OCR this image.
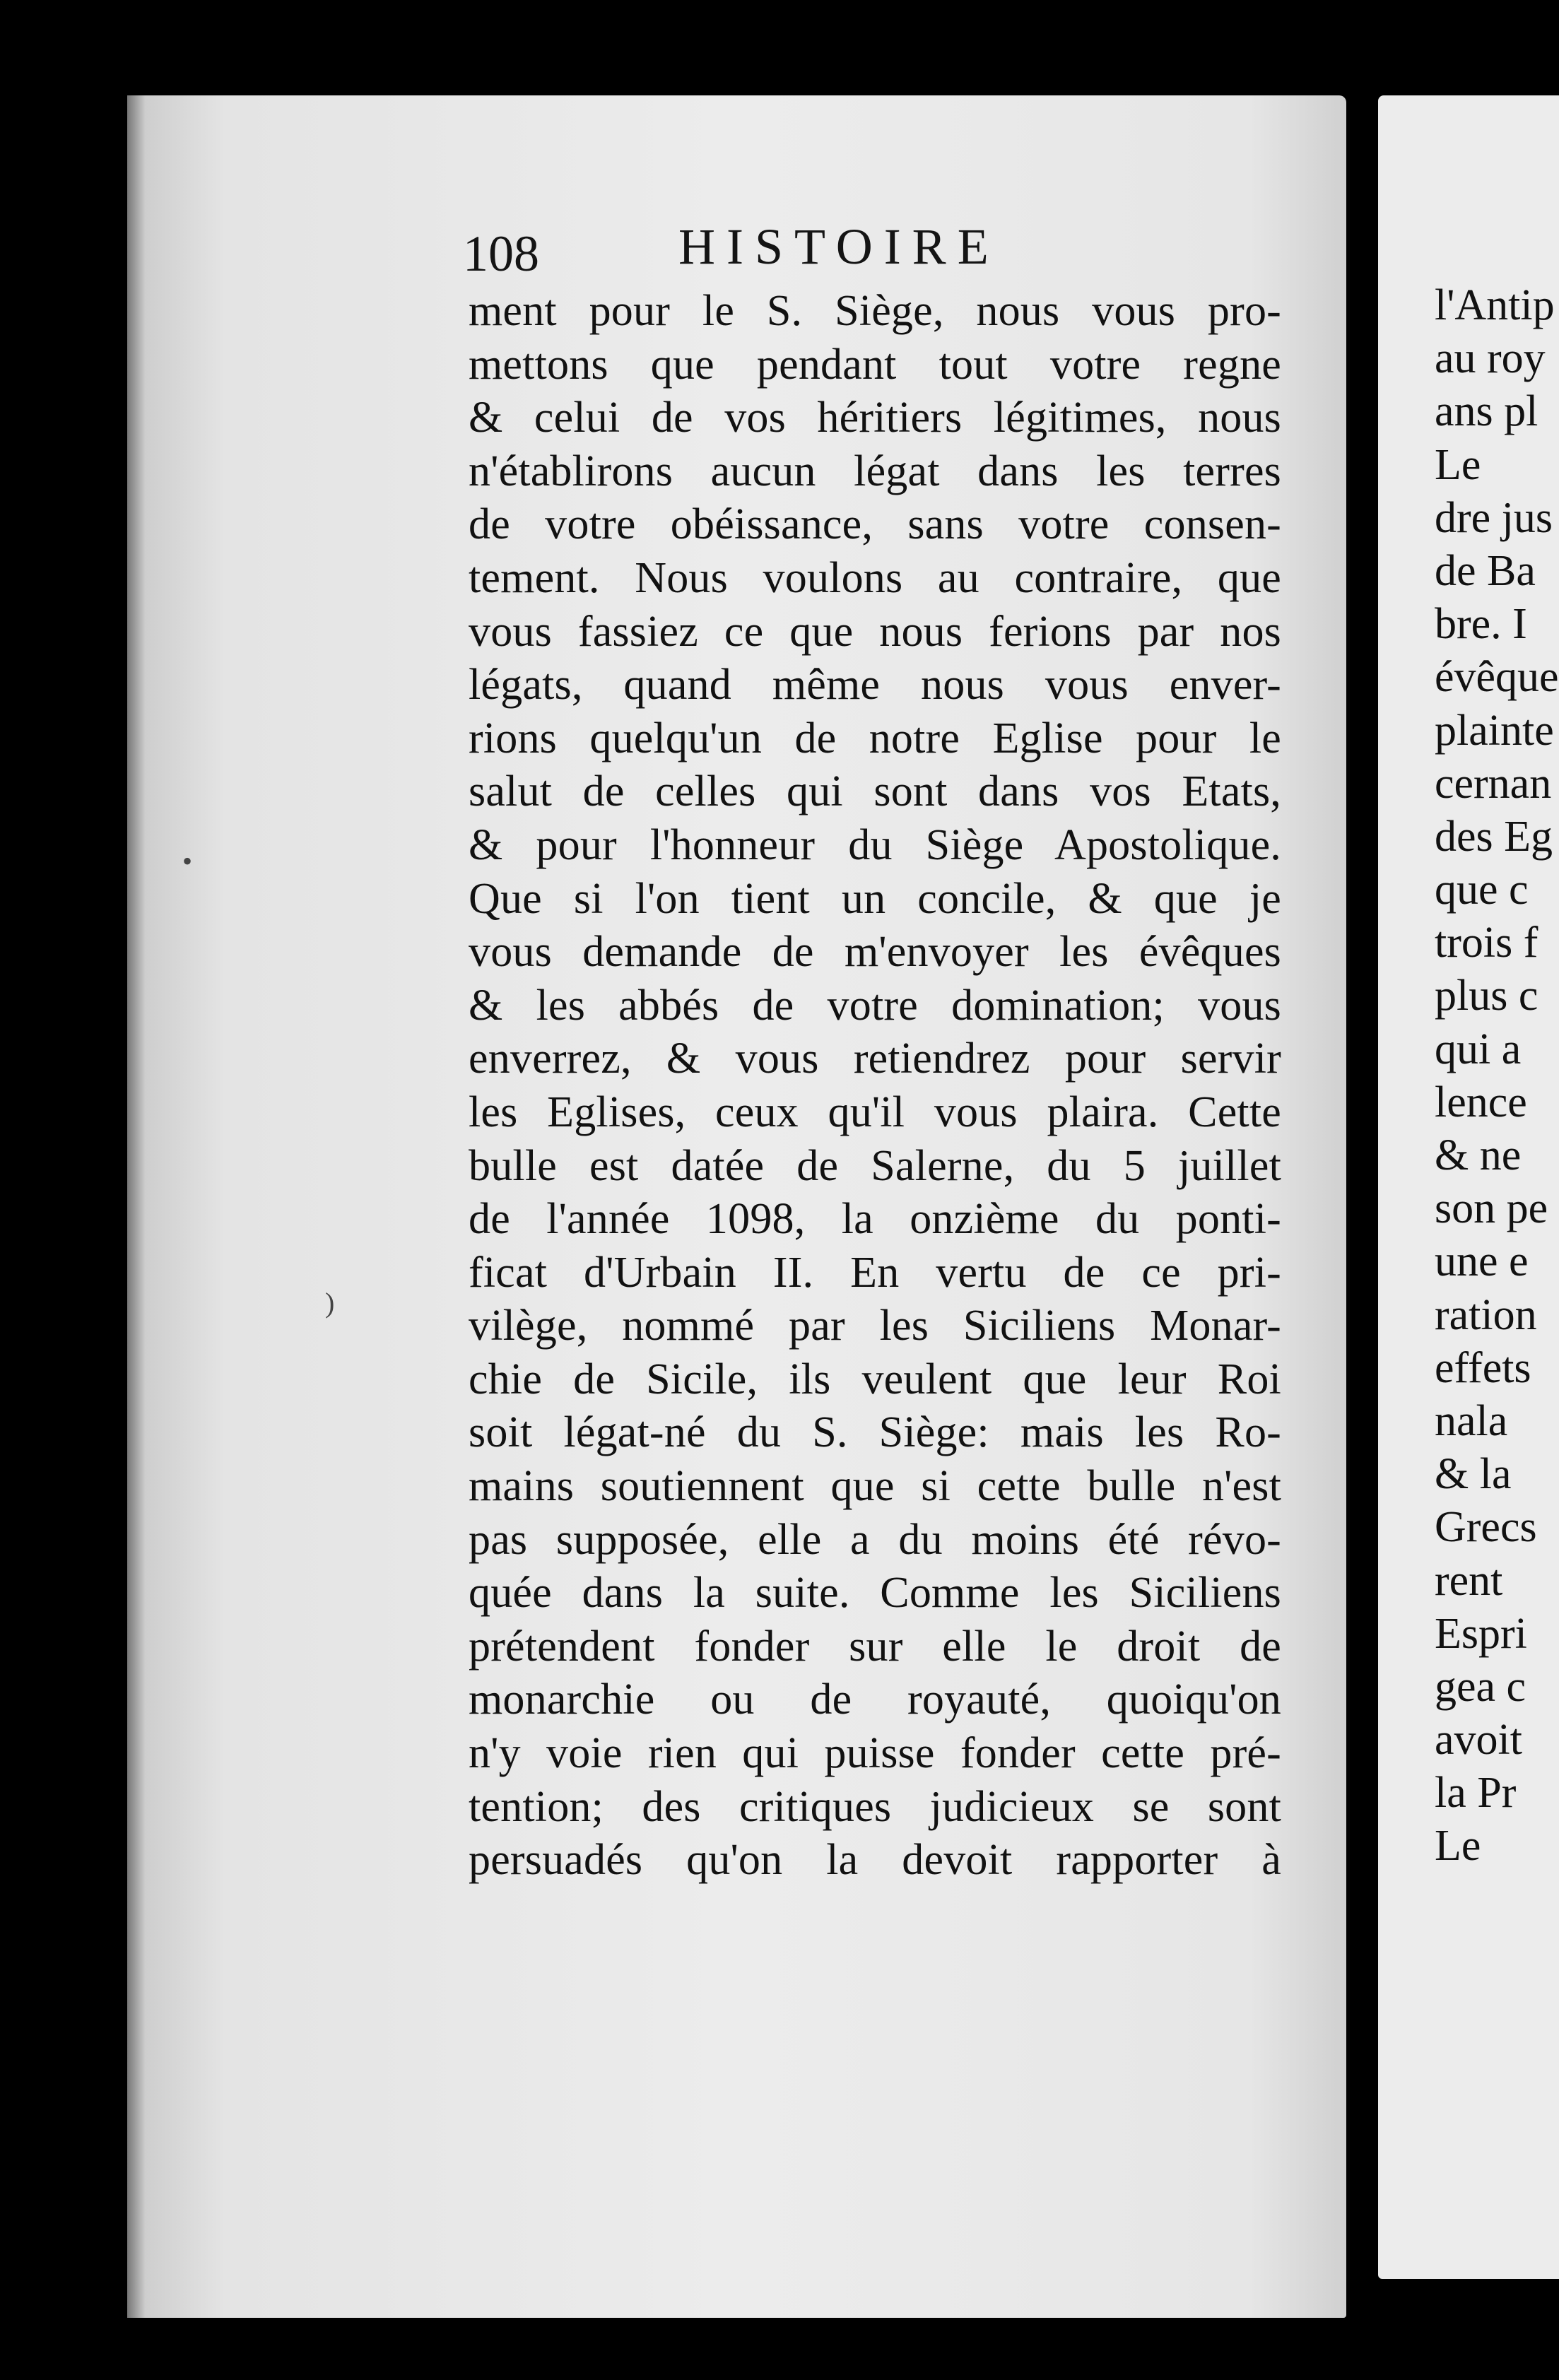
108	HISTOIRE
ment pour le S. Siège, nous vous pro-
mettons que pendant tout votre regne
& celui de vos héritiers légitimes, nous
n'établirons aucun légat dans les terres
de votre obéissance, sans votre consen-
tement. Nous voulons au contraire, que
vous fassiez ce que nous ferions par nos
légats, quand même nous vous enver-
rions quelqu'un de notre Eglise pour le
salut de celles qui sont dans vos Etats,
& pour l'honneur du Siège Apostolique.
Que si l'on tient un concile, & que je
vous demande de m'envoyer les évêques
& les abbés de votre domination; vous
enverrez, & vous retiendrez pour servir
les Eglises, ceux qu'il vous plaira. Cette
bulle est datée de Salerne, du 5 juillet
de l'année 1098, la onzième du ponti-
ficat d'Urbain II. En vertu de ce pri-
vilège, nommé par les Siciliens Monar-
chie de Sicile, ils veulent que leur Roi
soit légat-né du S. Siège: mais les Ro-
mains soutiennent que si cette bulle n'est
pas supposée, elle a du moins été révo-
quée dans la suite. Comme les Siciliens
prétendent fonder sur elle le droit de
monarchie ou de royauté, quoiqu'on
n'y voie rien qui puisse fonder cette pré-
tention; des critiques judicieux se sont
persuadés qu'on la devoit rapporter à
l'Antip
au roy
ans pl
Le
dre jus
de Ba
bre. I
évêque
plainte
cernan
des Eg
que c
trois f
plus c
qui a
lence
& ne
son pe
une e
ration
effets
nala
& la
Grecs
rent
Espri
gea c
avoit
la Pr
Le
•
)
